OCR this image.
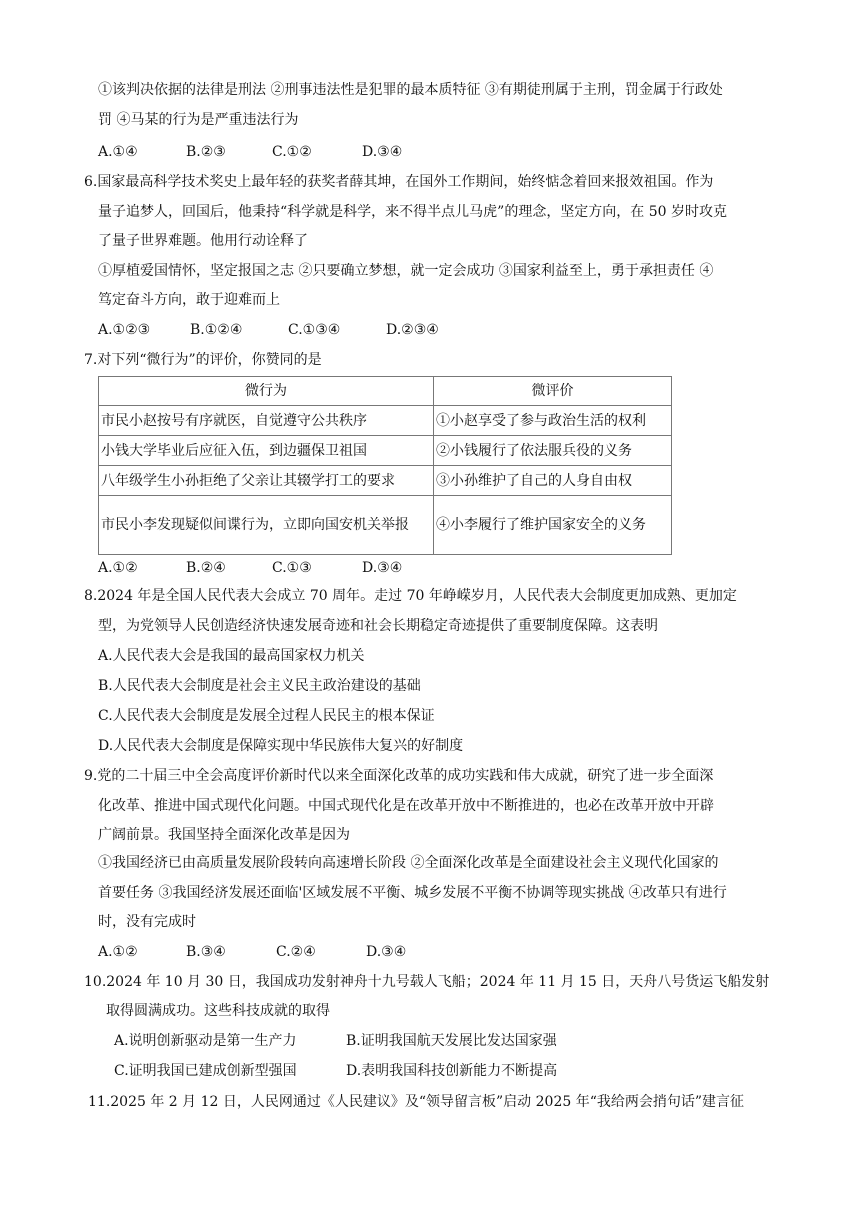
①该判决依据的法律是刑法 ②刑事违法性是犯罪的最本质特征 ③有期徒刑属于主刑，罚金属于行政处
罚 ④马某的行为是严重违法行为
A.①④	B.②③	C.①②	D.③④
6.国家最高科学技术奖史上最年轻的获奖者薛其坤，在国外工作期间，始终惦念着回来报效祖国。作为
量子追梦人，回国后，他秉持“科学就是科学，来不得半点儿马虎”的理念，坚定方向，在 50 岁时攻克
了量子世界难题。他用行动诠释了
①厚植爱国情怀，坚定报国之志 ②只要确立梦想，就一定会成功 ③国家利益至上，勇于承担责任 ④
笃定奋斗方向，敢于迎难而上
A.①②③	B.①②④	C.①③④	D.②③④
7.对下列“微行为”的评价，你赞同的是
微行为	微评价
市民小赵按号有序就医，自觉遵守公共秩序	①小赵享受了参与政治生活的权利
小钱大学毕业后应征入伍，到边疆保卫祖国	②小钱履行了依法服兵役的义务
八年级学生小孙拒绝了父亲让其辍学打工的要求	③小孙维护了自己的人身自由权
市民小李发现疑似间谍行为，立即向国安机关举报	④小李履行了维护国家安全的义务
A.①②	B.②④	C.①③	D.③④
8.2024 年是全国人民代表大会成立 70 周年。走过 70 年峥嵘岁月，人民代表大会制度更加成熟、更加定
型，为党领导人民创造经济快速发展奇迹和社会长期稳定奇迹提供了重要制度保障。这表明
A.人民代表大会是我国的最高国家权力机关
B.人民代表大会制度是社会主义民主政治建设的基础
C.人民代表大会制度是发展全过程人民民主的根本保证
D.人民代表大会制度是保障实现中华民族伟大复兴的好制度
9.党的二十届三中全会高度评价新时代以来全面深化改革的成功实践和伟大成就，研究了进一步全面深
化改革、推进中国式现代化问题。中国式现代化是在改革开放中不断推进的，也必在改革开放中开辟
广阔前景。我国坚持全面深化改革是因为
①我国经济已由高质量发展阶段转向高速增长阶段 ②全面深化改革是全面建设社会主义现代化国家的
首要任务 ③我国经济发展还面临'区域发展不平衡、城乡发展不平衡不协调等现实挑战 ④改革只有进行
时，没有完成时
A.①②	B.③④	C.②④	D.③④
10.2024 年 10 月 30 日，我国成功发射神舟十九号载人飞船；2024 年 11 月 15 日，天舟八号货运飞船发射
取得圆满成功。这些科技成就的取得
A.说明创新驱动是第一生产力	B.证明我国航天发展比发达国家强
C.证明我国已建成创新型强国	D.表明我国科技创新能力不断提高
11.2025 年 2 月 12 日，人民网通过《人民建议》及“领导留言板”启动 2025 年“我给两会捎句话”建言征
